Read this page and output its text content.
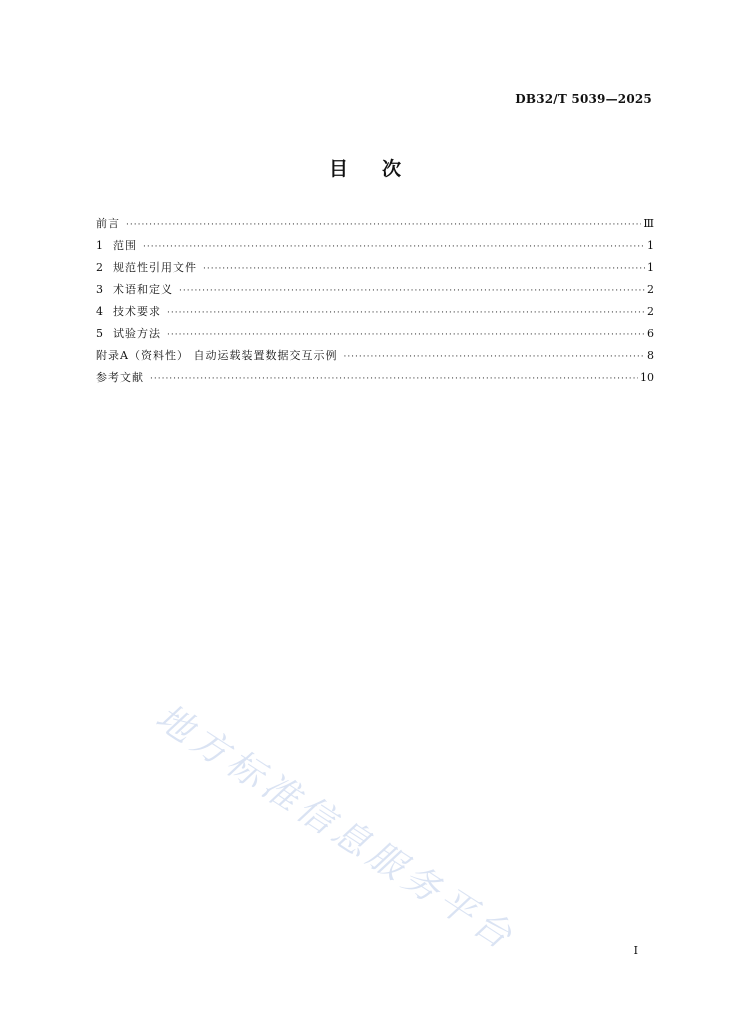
DB32/T 5039—2025
目次
前言 ·····	Ⅲ
1 范围 ·····	1
2 规范性引用文件 ·····	1
3 术语和定义 ·····	2
4 技术要求 ·····	2
5 试验方法 ·····	6
附录A（资料性） 自动运载装置数据交互示例 ·····	8
参考文献 ·····	10
地方标准信息服务平台	I
